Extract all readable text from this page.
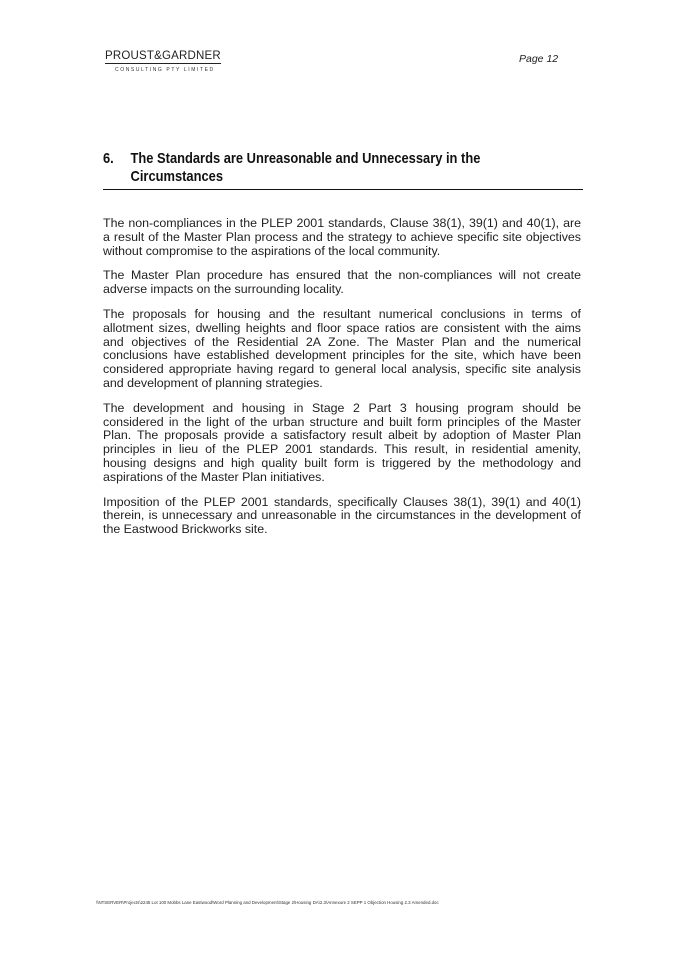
PROUST&GARDNER
CONSULTING PTY LIMITED
Page 12
6. The Standards are Unreasonable and Unnecessary in the
Circumstances

The non-compliances in the PLEP 2001 standards, Clause 38(1), 39(1) and 40(1), are a result of the Master Plan process and the strategy to achieve specific site objectives without compromise to the aspirations of the local community.

The Master Plan procedure has ensured that the non-compliances will not create adverse impacts on the surrounding locality.

The proposals for housing and the resultant numerical conclusions in terms of allotment sizes, dwelling heights and floor space ratios are consistent with the aims and objectives of the Residential 2A Zone. The Master Plan and the numerical conclusions have established development principles for the site, which have been considered appropriate having regard to general local analysis, specific site analysis and development of planning strategies.

The development and housing in Stage 2 Part 3 housing program should be considered in the light of the urban structure and built form principles of the Master Plan. The proposals provide a satisfactory result albeit by adoption of Master Plan principles in lieu of the PLEP 2001 standards. This result, in residential amenity, housing designs and high quality built form is triggered by the methodology and aspirations of the Master Plan initiatives.

Imposition of the PLEP 2001 standards, specifically Clauses 38(1), 39(1) and 40(1) therein, is unnecessary and unreasonable in the circumstances in the development of the Eastwood Brickworks site.

\\NTSERVER\Projects\2245 Lot 100 Mobbs Lane Eastwood\Word Planning and Development\Stage 2\Housing DA\2.3\Annexure 2 SEPP 1 Objection Housing 2.3 Amended.doc
